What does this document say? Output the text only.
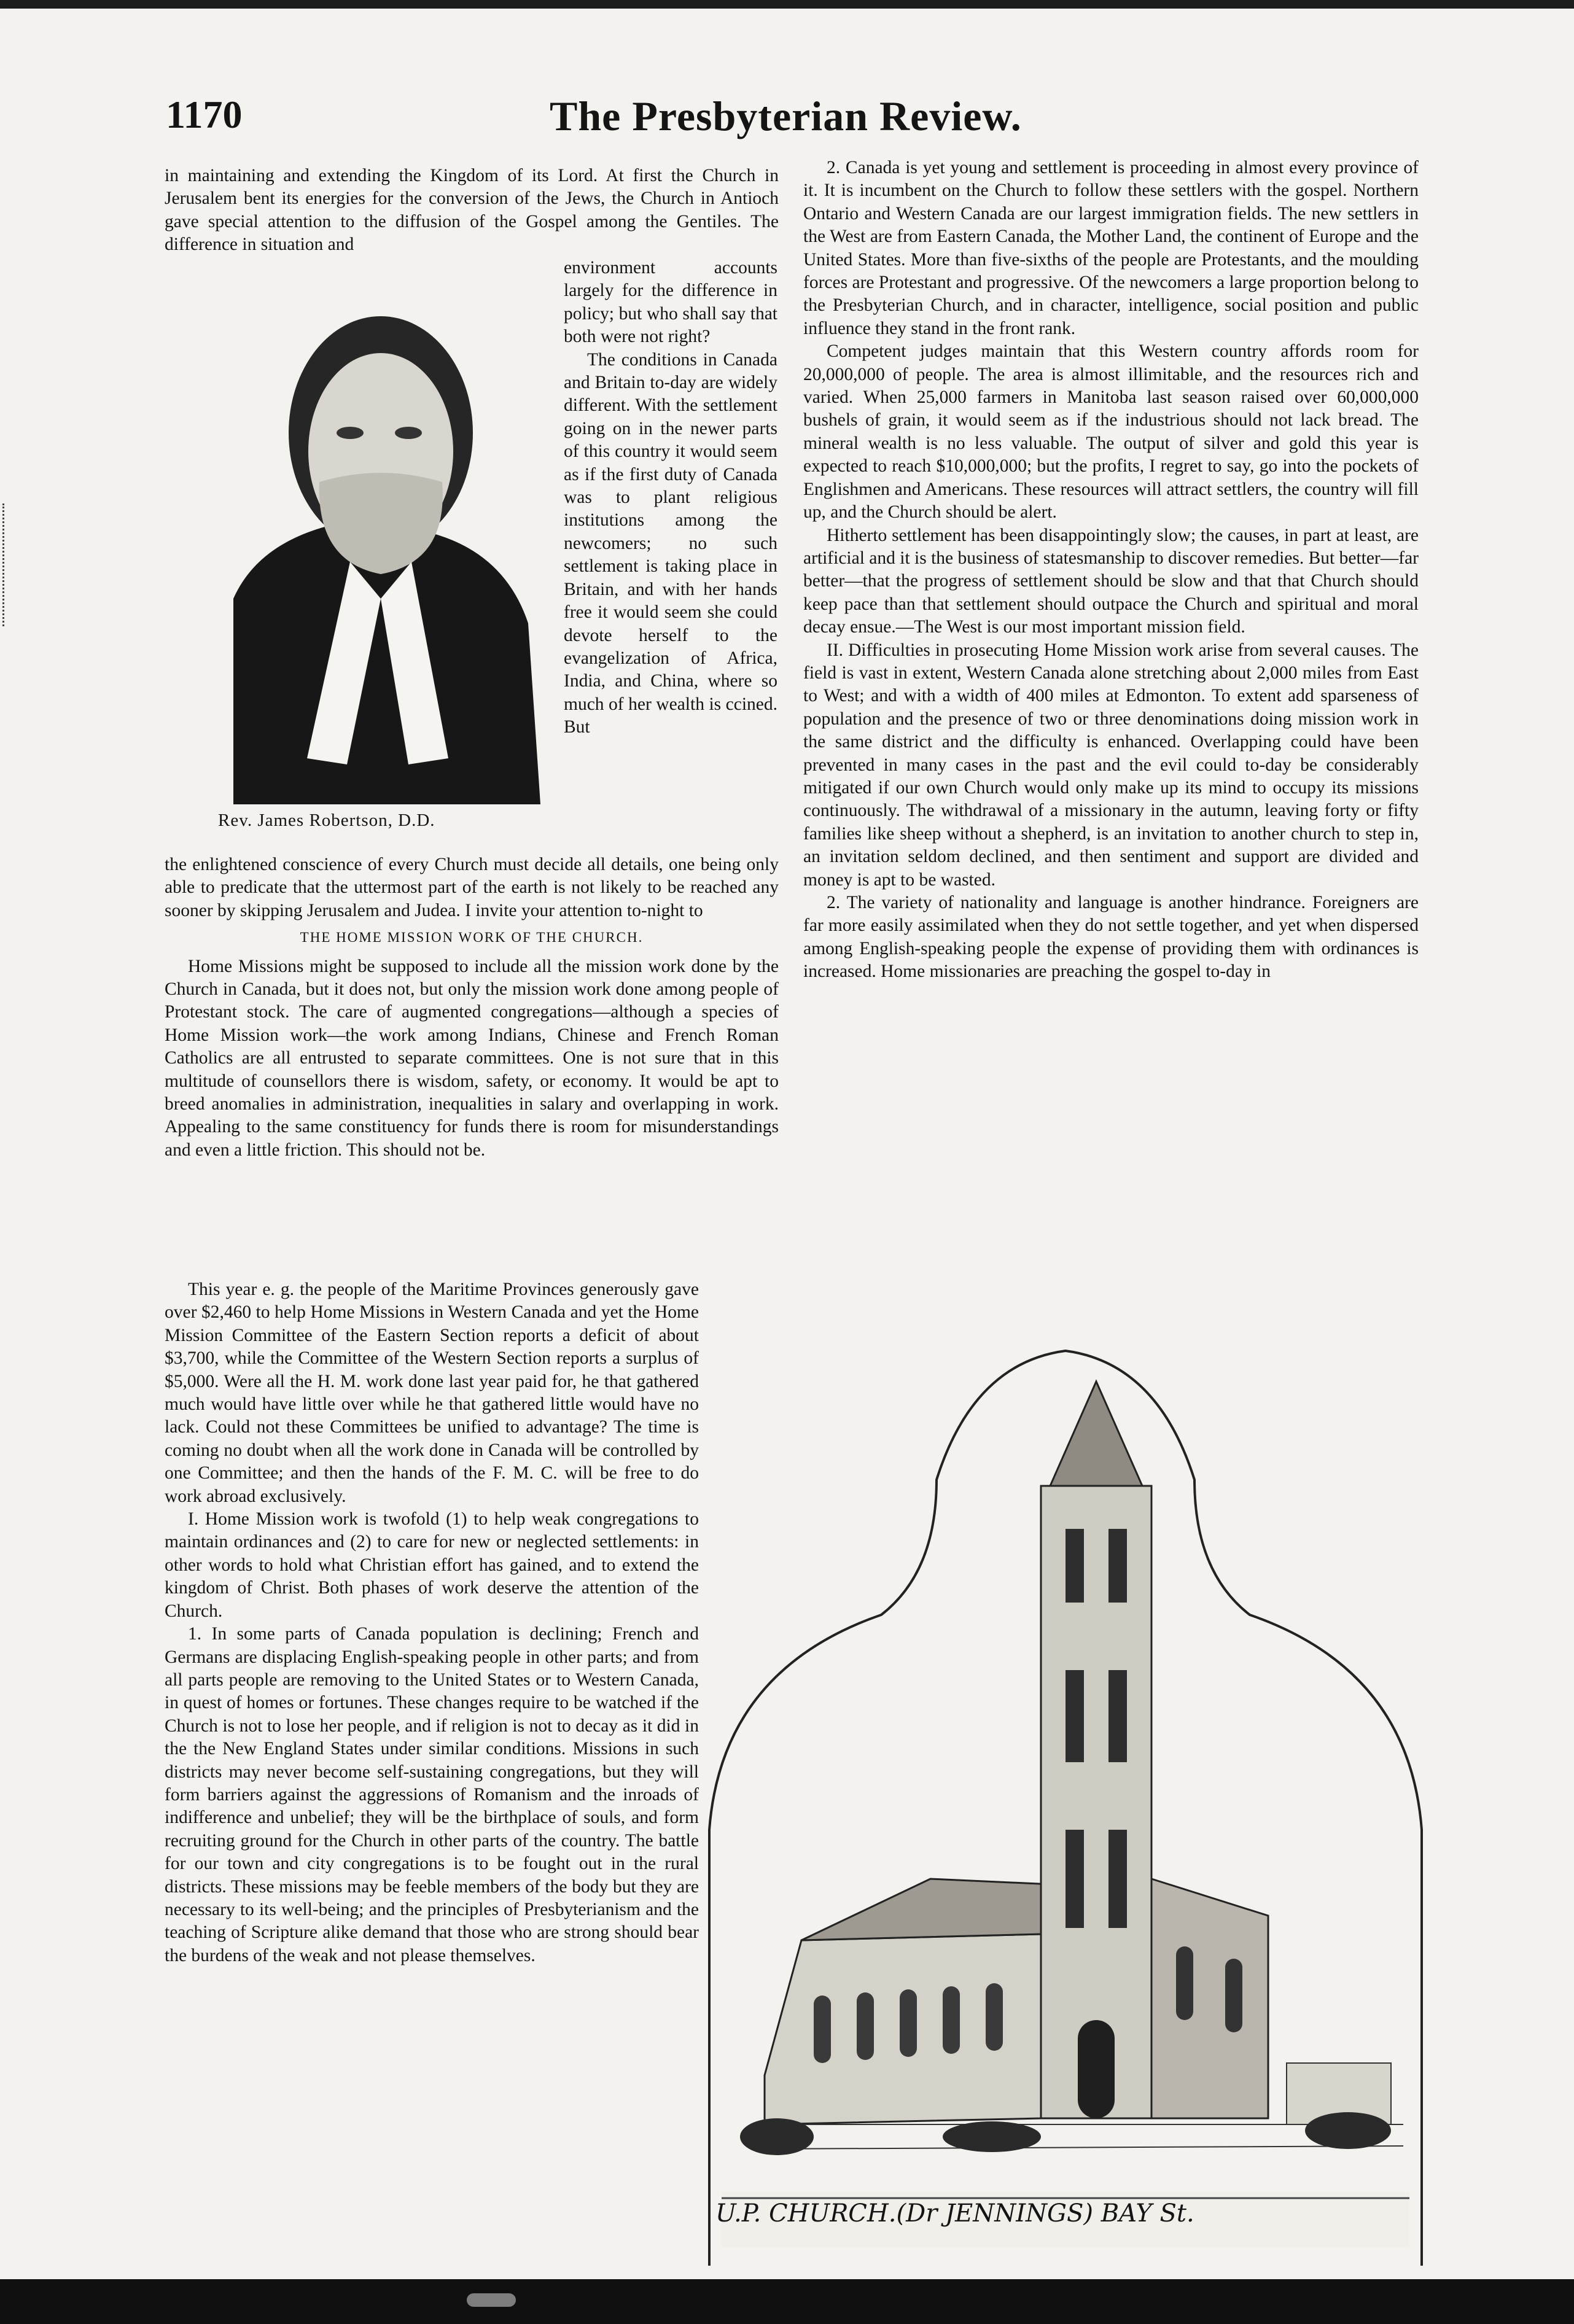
1170	The Presbyterian Review.

in maintaining and extending the Kingdom of its Lord. At first the Church in Jerusalem bent its energies for the conversion of the Jews, the Church in Antioch gave special attention to the diffusion of the Gospel among the Gentiles. The difference in situation and

Rev. James Robertson, D.D.

environment accounts largely for the difference in policy; but who shall say that both were not right?

The conditions in Canada and Britain to-day are widely different. With the settlement going on in the newer parts of this country it would seem as if the first duty of Canada was to plant religious institutions among the newcomers; no such settlement is taking place in Britain, and with her hands free it would seem she could devote herself to the evangelization of Africa, India, and China, where so much of her wealth is ccined. But

the enlightened conscience of every Church must decide all details, one being only able to predicate that the uttermost part of the earth is not likely to be reached any sooner by skipping Jerusalem and Judea. I invite your attention to-night to

THE HOME MISSION WORK OF THE CHURCH.

Home Missions might be supposed to include all the mission work done by the Church in Canada, but it does not, but only the mission work done among people of Protestant stock. The care of augmented congregations—although a species of Home Mission work—the work among Indians, Chinese and French Roman Catholics are all entrusted to separate committees. One is not sure that in this multitude of counsellors there is wisdom, safety, or economy. It would be apt to breed anomalies in administration, inequalities in salary and overlapping in work. Appealing to the same constituency for funds there is room for misunderstandings and even a little friction. This should not be.

This year e. g. the people of the Maritime Provinces generously gave over $2,460 to help Home Missions in Western Canada and yet the Home Mission Committee of the Eastern Section reports a deficit of about $3,700, while the Committee of the Western Section reports a surplus of $5,000. Were all the H. M. work done last year paid for, he that gathered much would have little over while he that gathered little would have no lack. Could not these Committees be unified to advantage? The time is coming no doubt when all the work done in Canada will be controlled by one Committee; and then the hands of the F. M. C. will be free to do work abroad exclusively.

I. Home Mission work is twofold (1) to help weak congregations to maintain ordinances and (2) to care for new or neglected settlements: in other words to hold what Christian effort has gained, and to extend the kingdom of Christ. Both phases of work deserve the attention of the Church.

1. In some parts of Canada population is declining; French and Germans are displacing English-speaking people in other parts; and from all parts people are removing to the United States or to Western Canada, in quest of homes or fortunes. These changes require to be watched if the Church is not to lose her people, and if religion is not to decay as it did in the the New England States under similar conditions. Missions in such districts may never become self-sustaining congregations, but they will form barriers against the aggressions of Romanism and the inroads of indifference and unbelief; they will be the birthplace of souls, and form recruiting ground for the Church in other parts of the country. The battle for our town and city congregations is to be fought out in the rural districts. These missions may be feeble members of the body but they are necessary to its well-being; and the principles of Presbyterianism and the teaching of Scripture alike demand that those who are strong should bear the burdens of the weak and not please themselves.

2. Canada is yet young and settlement is proceeding in almost every province of it. It is incumbent on the Church to follow these settlers with the gospel. Northern Ontario and Western Canada are our largest immigration fields. The new settlers in the West are from Eastern Canada, the Mother Land, the continent of Europe and the United States. More than five-sixths of the people are Protestants, and the moulding forces are Protestant and progressive. Of the newcomers a large proportion belong to the Presbyterian Church, and in character, intelligence, social position and public influence they stand in the front rank.

Competent judges maintain that this Western country affords room for 20,000,000 of people. The area is almost illimitable, and the resources rich and varied. When 25,000 farmers in Manitoba last season raised over 60,000,000 bushels of grain, it would seem as if the industrious should not lack bread. The mineral wealth is no less valuable. The output of silver and gold this year is expected to reach $10,000,000; but the profits, I regret to say, go into the pockets of Englishmen and Americans. These resources will attract settlers, the country will fill up, and the Church should be alert.

Hitherto settlement has been disappointingly slow; the causes, in part at least, are artificial and it is the business of statesmanship to discover remedies. But better—far better—that the progress of settlement should be slow and that that Church should keep pace than that settlement should outpace the Church and spiritual and moral decay ensue.—The West is our most important mission field.

II. Difficulties in prosecuting Home Mission work arise from several causes. The field is vast in extent, Western Canada alone stretching about 2,000 miles from East to West; and with a width of 400 miles at Edmonton. To extent add sparseness of population and the presence of two or three denominations doing mission work in the same district and the difficulty is enhanced. Overlapping could have been prevented in many cases in the past and the evil could to-day be considerably mitigated if our own Church would only make up its mind to occupy its missions continuously. The withdrawal of a missionary in the autumn, leaving forty or fifty families like sheep without a shepherd, is an invitation to another church to step in, an invitation seldom declined, and then sentiment and support are divided and money is apt to be wasted.

2. The variety of nationality and language is another hindrance. Foreigners are far more easily assimilated when they do not settle together, and yet when dispersed among English-speaking people the expense of providing them with ordinances is increased. Home missionaries are preaching the gospel to-day in

U.P. CHURCH.(Dr JENNINGS) BAY St.
